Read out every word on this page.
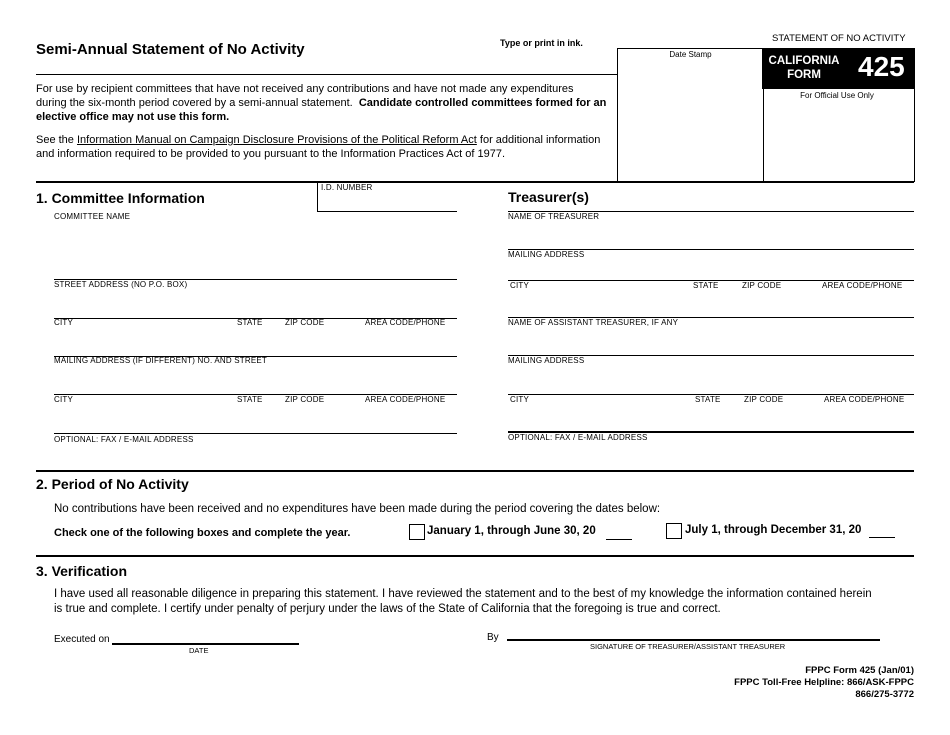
Semi-Annual Statement of No Activity	Type or print in ink.	STATEMENT OF NO ACTIVITY
Date Stamp
CALIFORNIA
FORM	425
For Official Use Only
For use by recipient committees that have not received any contributions and have not made any expenditures
during the six-month period covered by a semi-annual statement. Candidate controlled committees formed for an
elective office may not use this form.
See the Information Manual on Campaign Disclosure Provisions of the Political Reform Act for additional information
and information required to be provided to you pursuant to the Information Practices Act of 1977.
1. Committee Information
I.D. NUMBER
COMMITTEE NAME
STREET ADDRESS (NO P.O. BOX)
CITY	STATE	ZIP CODE	AREA CODE/PHONE
MAILING ADDRESS (IF DIFFERENT) NO. AND STREET
CITY	STATE	ZIP CODE	AREA CODE/PHONE
OPTIONAL: FAX / E-MAIL ADDRESS
Treasurer(s)
NAME OF TREASURER
MAILING ADDRESS
CITY	STATE	ZIP CODE	AREA CODE/PHONE
NAME OF ASSISTANT TREASURER, IF ANY
MAILING ADDRESS
CITY	STATE	ZIP CODE	AREA CODE/PHONE
OPTIONAL: FAX / E-MAIL ADDRESS
2. Period of No Activity
No contributions have been received and no expenditures have been made during the period covering the dates below:
Check one of the following boxes and complete the year.	January 1, through June 30, 20	July 1, through December 31, 20
3. Verification
I have used all reasonable diligence in preparing this statement. I have reviewed the statement and to the best of my knowledge the information contained herein
is true and complete. I certify under penalty of perjury under the laws of the State of California that the foregoing is true and correct.
Executed on
DATE
By
SIGNATURE OF TREASURER/ASSISTANT TREASURER
FPPC Form 425 (Jan/01)
FPPC Toll-Free Helpline: 866/ASK-FPPC
866/275-3772
